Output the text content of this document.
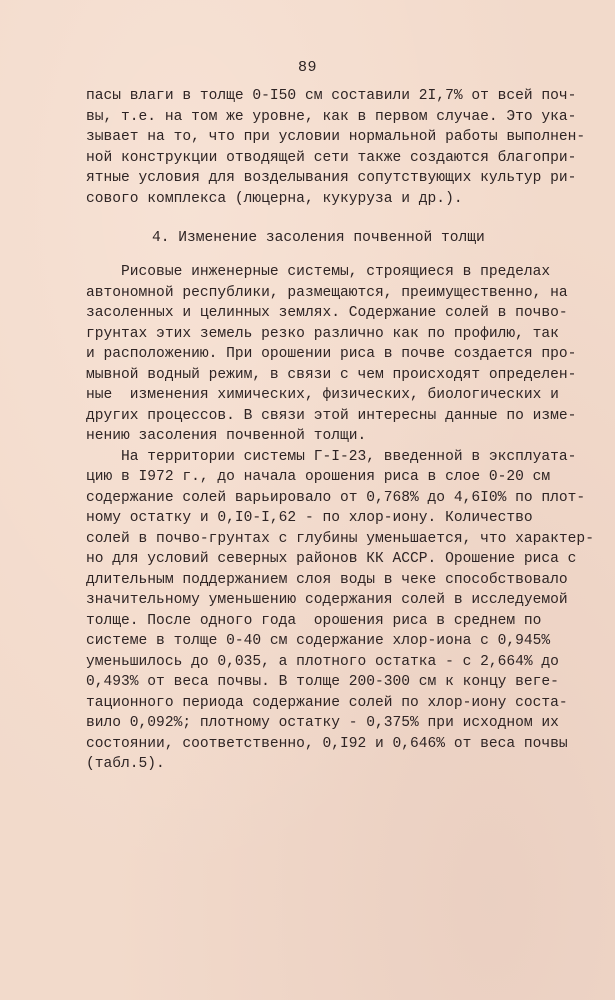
89
пасы влаги в толще 0-I50 см составили 2I,7% от всей поч-
вы, т.е. на том же уровне, как в первом случае. Это ука-
зывает на то, что при условии нормальной работы выполнен-
ной конструкции отводящей сети также создаются благопри-
ятные условия для возделывания сопутствующих культур ри-
сового комплекса (люцерна, кукуруза и др.).
4. Изменение засоления почвенной толщи
Рисовые инженерные системы, строящиеся в пределах
автономной республики, размещаются, преимущественно, на
засоленных и целинных землях. Содержание солей в почво-
грунтах этих земель резко различно как по профилю, так
и расположению. При орошении риса в почве создается про-
мывной водный режим, в связи с чем происходят определен-
ные  изменения химических, физических, биологических и
других процессов. В связи этой интересны данные по изме-
нению засоления почвенной толщи.
На территории системы Г-I-23, введенной в эксплуата-
цию в I972 г., до начала орошения риса в слое 0-20 см
содержание солей варьировало от 0,768% до 4,6I0% по плот-
ному остатку и 0,I0-I,62 - по хлор-иону. Количество
солей в почво-грунтах с глубины уменьшается, что характер-
но для условий северных районов КК АССР. Орошение риса с
длительным поддержанием слоя воды в чеке способствовало
значительному уменьшению содержания солей в исследуемой
толще. После одного года  орошения риса в среднем по
системе в толще 0-40 см содержание хлор-иона с 0,945%
уменьшилось до 0,035, а плотного остатка - с 2,664% до
0,493% от веса почвы. В толще 200-300 см к концу веге-
тационного периода содержание солей по хлор-иону соста-
вило 0,092%; плотному остатку - 0,375% при исходном их
состоянии, соответственно, 0,I92 и 0,646% от веса почвы
(табл.5).
